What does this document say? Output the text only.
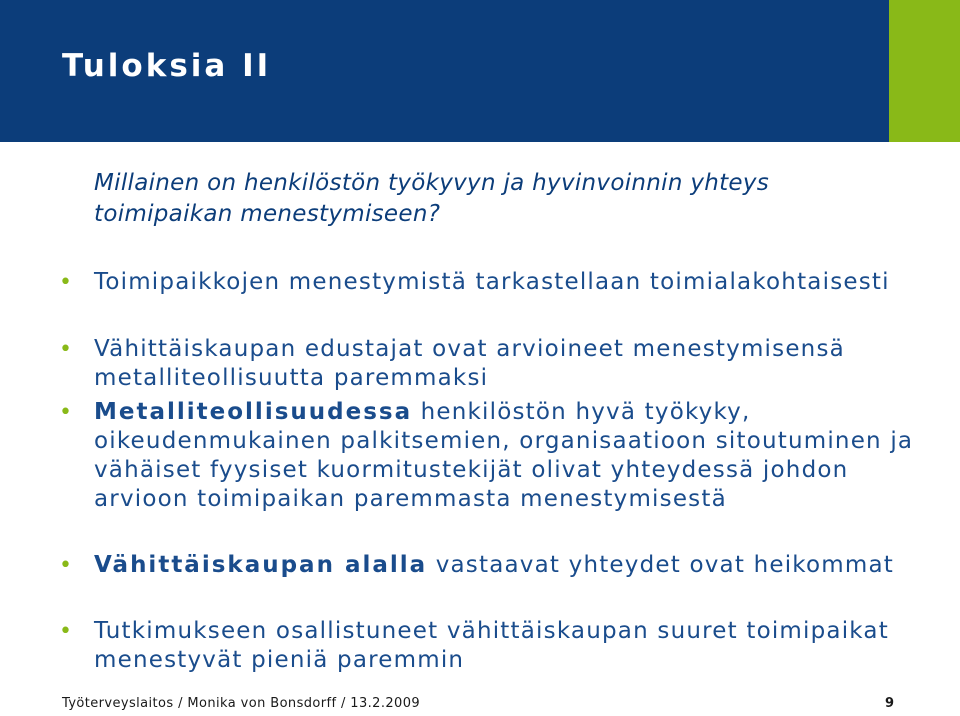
Tuloksia II

Millainen on henkilöstön työkyvyn ja hyvinvoinnin yhteys toimipaikan menestymiseen?

• Toimipaikkojen menestymistä tarkastellaan toimialakohtaisesti
• Vähittäiskaupan edustajat ovat arvioineet menestymisensä metalliteollisuutta paremmaksi
• Metalliteollisuudessa henkilöstön hyvä työkyky, oikeudenmukainen palkitsemien, organisaatioon sitoutuminen ja vähäiset fyysiset kuormitustekijät olivat yhteydessä johdon arvioon toimipaikan paremmasta menestymisestä
• Vähittäiskaupan alalla vastaavat yhteydet ovat heikommat
• Tutkimukseen osallistuneet vähittäiskaupan suuret toimipaikat menestyvät pieniä paremmin
Työterveyslaitos / Monika von Bonsdorff / 13.2.2009	9
